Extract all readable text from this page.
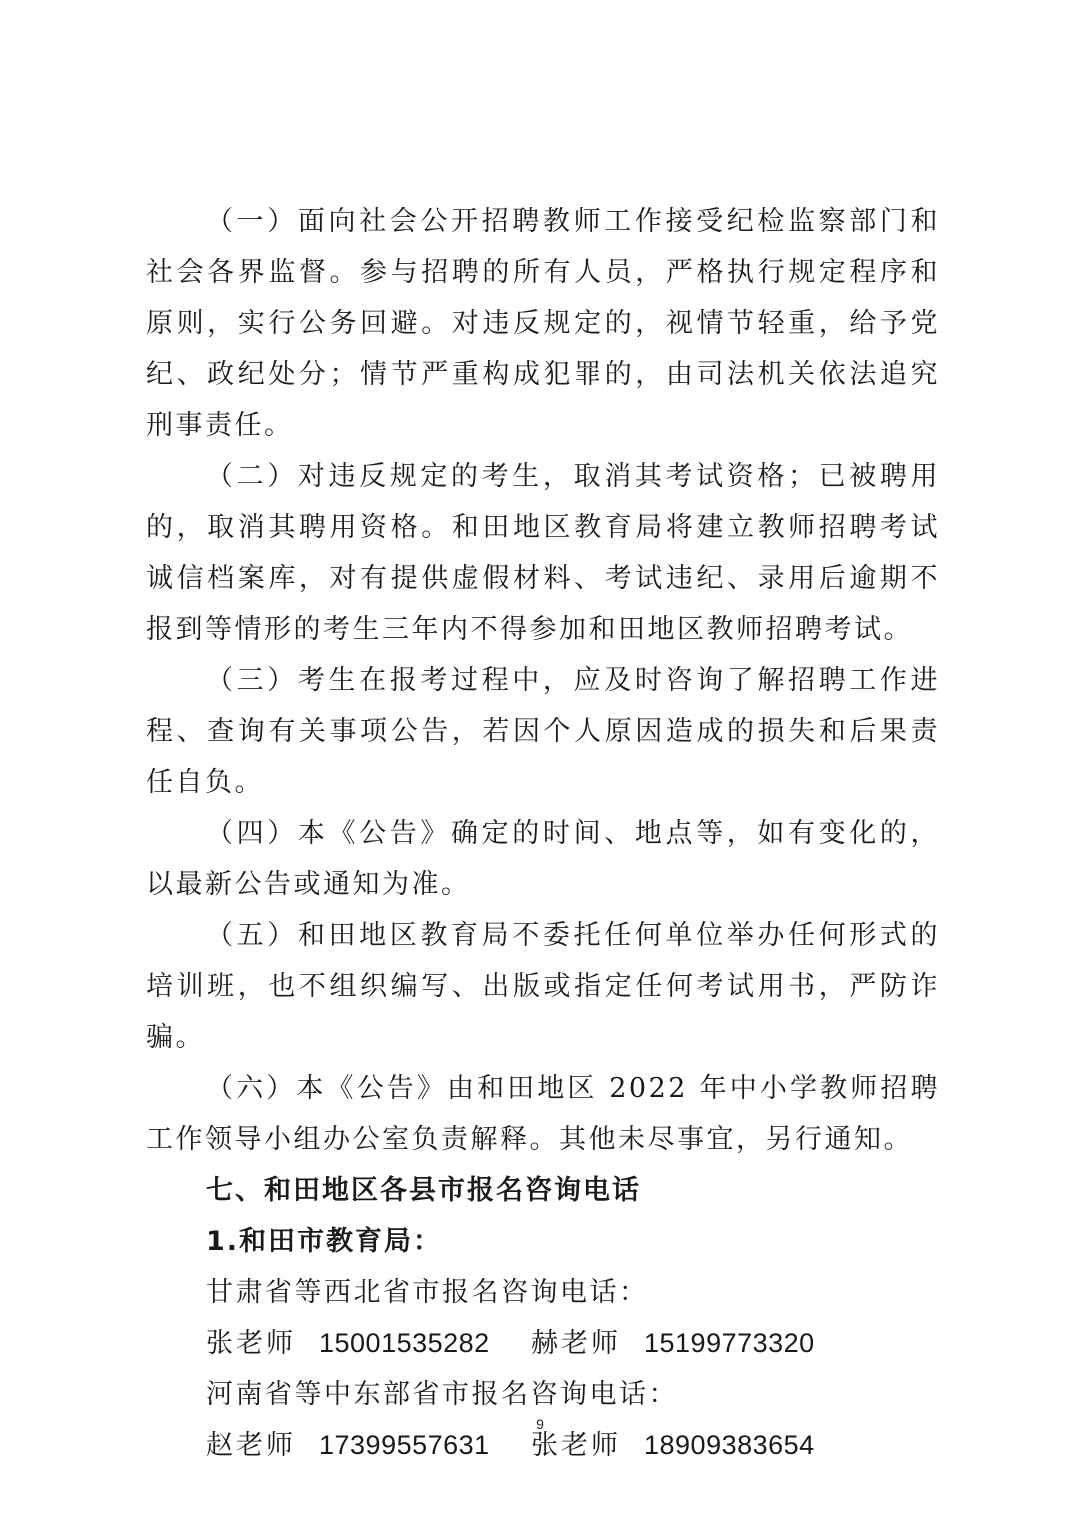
（一）面向社会公开招聘教师工作接受纪检监察部门和社会各界监督。参与招聘的所有人员，严格执行规定程序和原则，实行公务回避。对违反规定的，视情节轻重，给予党纪、政纪处分；情节严重构成犯罪的，由司法机关依法追究刑事责任。

（二）对违反规定的考生，取消其考试资格；已被聘用的，取消其聘用资格。和田地区教育局将建立教师招聘考试诚信档案库，对有提供虚假材料、考试违纪、录用后逾期不报到等情形的考生三年内不得参加和田地区教师招聘考试。

（三）考生在报考过程中，应及时咨询了解招聘工作进程、查询有关事项公告，若因个人原因造成的损失和后果责任自负。

（四）本《公告》确定的时间、地点等，如有变化的，以最新公告或通知为准。

（五）和田地区教育局不委托任何单位举办任何形式的培训班，也不组织编写、出版或指定任何考试用书，严防诈骗。

（六）本《公告》由和田地区 2022 年中小学教师招聘工作领导小组办公室负责解释。其他未尽事宜，另行通知。

七、和田地区各县市报名咨询电话

1.和田市教育局：

甘肃省等西北省市报名咨询电话：

张老师 15001535282 赫老师 15199773320

河南省等中东部省市报名咨询电话：

赵老师 17399557631 张老师 18909383654
9
